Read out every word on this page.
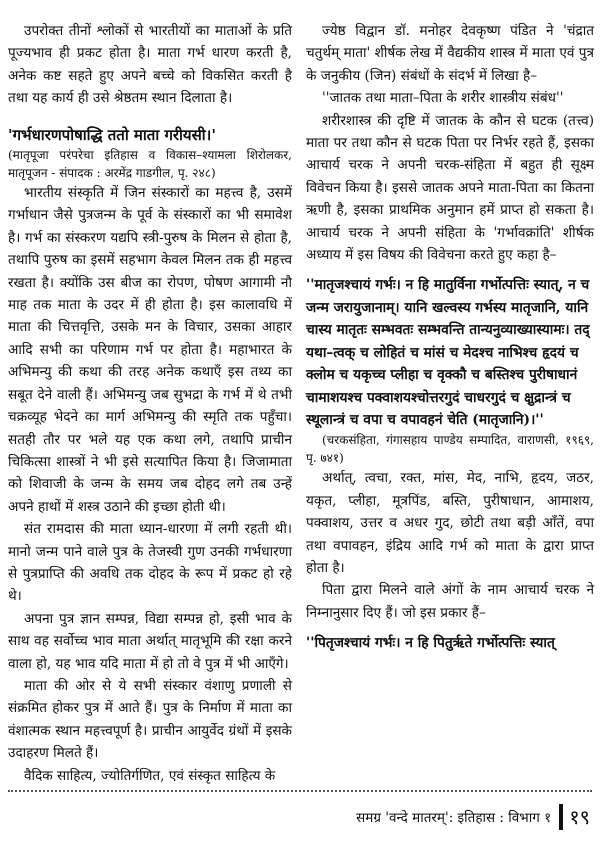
उपरोक्त तीनों श्लोकों से भारतीयों का माताओं के प्रति पूज्यभाव ही प्रकट होता है। माता गर्भ धारण करती है, अनेक कष्ट सहते हुए अपने बच्चे को विकसित करती है तथा यह कार्य ही उसे श्रेष्ठतम स्थान दिलाता है।

'गर्भधारणपोषाद्धि ततो माता गरीयसी।'

(मातृपूजा परंपरेचा इतिहास व विकास–श्यामला शिरोलकर, मातृपूजन - संपादक : अरमेंद्र गाडगील, पृ. २४८)

भारतीय संस्कृति में जिन संस्कारों का महत्त्व है, उसमें गर्भाधान जैसे पुत्रजन्म के पूर्व के संस्कारों का भी समावेश है। गर्भ का संस्करण यद्यपि स्त्री-पुरुष के मिलन से होता है, तथापि पुरुष का इसमें सहभाग केवल मिलन तक ही महत्त्व रखता है। क्योंकि उस बीज का रोपण, पोषण आगामी नौ माह तक माता के उदर में ही होता है। इस कालावधि में माता की चित्तवृत्ति, उसके मन के विचार, उसका आहार आदि सभी का परिणाम गर्भ पर होता है। महाभारत के अभिमन्यु की कथा की तरह अनेक कथाएँ इस तथ्य का सबूत देने वाली हैं। अभिमन्यु जब सुभद्रा के गर्भ में थे तभी चक्रव्यूह भेदने का मार्ग अभिमन्यु की स्मृति तक पहुँचा। सतही तौर पर भले यह एक कथा लगे, तथापि प्राचीन चिकित्सा शास्त्रों ने भी इसे सत्यापित किया है। जिजामाता को शिवाजी के जन्म के समय जब दोहद लगे तब उन्हें अपने हाथों में शस्त्र उठाने की इच्छा होती थी।

संत रामदास की माता ध्यान-धारणा में लगी रहती थी। मानो जन्म पाने वाले पुत्र के तेजस्वी गुण उनकी गर्भधारणा से पुत्रप्राप्ति की अवधि तक दोहद के रूप में प्रकट हो रहे थे।

अपना पुत्र ज्ञान सम्पन्न, विद्या सम्पन्न हो, इसी भाव के साथ वह सर्वोच्च भाव माता अर्थात् मातृभूमि की रक्षा करने वाला हो, यह भाव यदि माता में हो तो वे पुत्र में भी आएँगे।

माता की ओर से ये सभी संस्कार वंशाणु प्रणाली से संक्रमित होकर पुत्र में आते हैं। पुत्र के निर्माण में माता का वंशात्मक स्थान महत्त्वपूर्ण है। प्राचीन आयुर्वेद ग्रंथों में इसके उदाहरण मिलते हैं।

वैदिक साहित्य, ज्योतिर्गणित, एवं संस्कृत साहित्य के

ज्येष्ठ विद्वान डॉ. मनोहर देवकृष्ण पंडित ने 'चंद्रात चतुर्थम् माता' शीर्षक लेख में वैद्यकीय शास्त्र में माता एवं पुत्र के जनुकीय (जिन) संबंधों के संदर्भ में लिखा है–

''जातक तथा माता–पिता के शरीर शास्त्रीय संबंध''

शरीरशास्त्र की दृष्टि में जातक के कौन से घटक (तत्त्व) माता पर तथा कौन से घटक पिता पर निर्भर रहते हैं, इसका आचार्य चरक ने अपनी चरक-संहिता में बहुत ही सूक्ष्म विवेचन किया है। इससे जातक अपने माता-पिता का कितना ऋणी है, इसका प्राथमिक अनुमान हमें प्राप्त हो सकता है। आचार्य चरक ने अपनी संहिता के 'गर्भावक्रांति' शीर्षक अध्याय में इस विषय की विवेचना करते हुए कहा है–

''मातृजश्चायं गर्भः। न हि मातुर्विना गर्भोत्पत्तिः स्यात्, न च जन्म जरायुजानाम्। यानि खल्वस्य गर्भस्य मातृजानि, यानि चास्य मातृतः सम्भवतः सम्भवन्ति तान्यनुव्याख्यास्यामः। तद् यथा–त्वक् च लोहितं च मांसं च मेदश्च नाभिश्च हृदयं च क्लोम च यकृच्च प्लीहा च वृक्कौ च बस्तिश्च पुरीषाधानं चामाशयश्च पक्वाशयश्चोत्तरगुदं चाधरगुदं च क्षुद्रान्त्रं च स्थूलान्त्रं च वपा च वपावहनं चेति (मातृजानि)।''

(चरकसंहिता, गंगासहाय पाण्डेय सम्पादित, वाराणसी, १९६९, पृ. ७४१)

अर्थात्, त्वचा, रक्त, मांस, मेद, नाभि, हृदय, जठर, यकृत, प्लीहा, मूत्रपिंड, बस्ति, पुरीषाधान, आमाशय, पक्वाशय, उत्तर व अधर गुद, छोटी तथा बड़ी आँतें, वपा तथा वपावहन, इंद्रिय आदि गर्भ को माता के द्वारा प्राप्त होता है।

पिता द्वारा मिलने वाले अंगों के नाम आचार्य चरक ने निम्नानुसार दिए हैं। जो इस प्रकार हैं–

''पितृजश्चायं गर्भः। न हि पितुर्ऋते गर्भोत्पत्तिः स्यात्

समग्र 'वन्दे मातरम्': इतिहास : विभाग १ १९
